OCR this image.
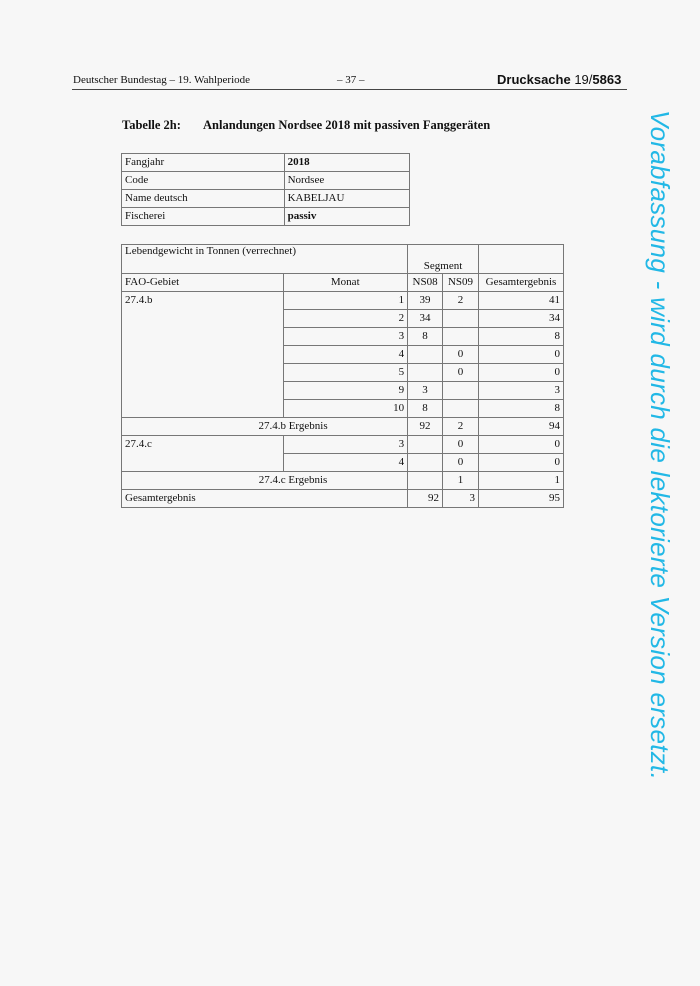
Deutscher Bundestag – 19. Wahlperiode	– 37 –	Drucksache 19/5863
Tabelle 2h: Anlandungen Nordsee 2018 mit passiven Fanggeräten
Fangjahr	2018
Code	Nordsee
Name deutsch	KABELJAU
Fischerei	passiv
Lebendgewicht in Tonnen (verrechnet)		Segment		
FAO-Gebiet	Monat	NS08	NS09	Gesamtergebnis
27.4.b	1	39	2	41
	2	34		34
	3	8		8
	4		0	0
	5		0	0
	9	3		3
	10	8		8
27.4.b Ergebnis		92	2	94
27.4.c	3		0	0
	4		0	0
27.4.c Ergebnis			1	1
Gesamtergebnis		92	3	95	Vorabfassung - wird durch die lektorierte Version ersetzt.
